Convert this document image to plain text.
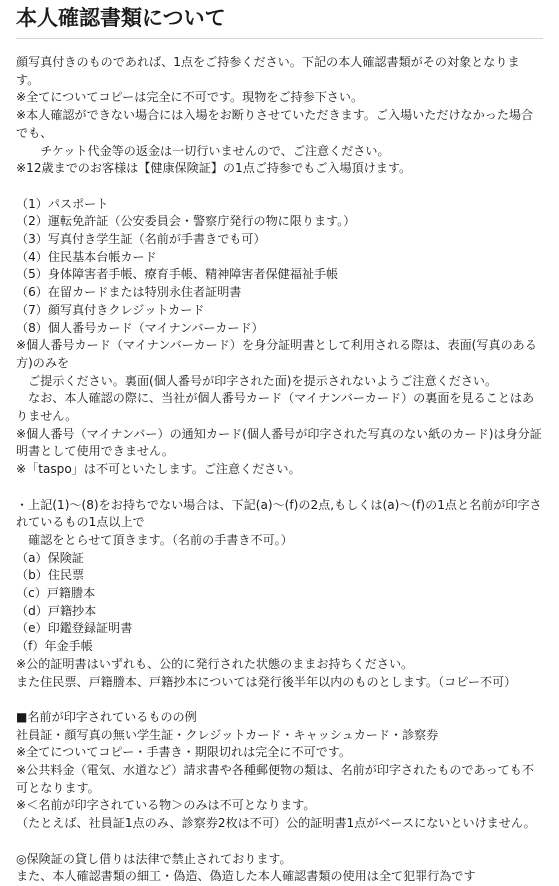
本人確認書類について
顔写真付きのものであれば、1点をご持参ください。下記の本人確認書類がその対象となりま
す。
※全てについてコピーは完全に不可です。現物をご持参下さい。
※本人確認ができない場合には入場をお断りさせていただきます。ご入場いただけなかった場合
でも、
　　チケット代金等の返金は一切行いませんので、ご注意ください。
※12歳までのお客様は【健康保険証】の1点ご持参でもご入場頂けます。
（1）パスポート
（2）運転免許証（公安委員会・警察庁発行の物に限ります。）
（3）写真付き学生証（名前が手書きでも可）
（4）住民基本台帳カード
（5）身体障害者手帳、療育手帳、精神障害者保健福祉手帳
（6）在留カードまたは特別永住者証明書
（7）顔写真付きクレジットカード
（8）個人番号カード（マイナンバーカード）
※個人番号カード（マイナンバーカード）を身分証明書として利用される際は、表面(写真のある
方)のみを
　ご提示ください。裏面(個人番号が印字された面)を提示されないようご注意ください。
　なお、本人確認の際に、当社が個人番号カード（マイナンバーカード）の裏面を見ることはあ
りません。
※個人番号（マイナンバー）の通知カード(個人番号が印字された写真のない紙のカード)は身分証
明書として使用できません。
※「taspo」は不可といたします。ご注意ください。
・上記(1)〜(8)をお持ちでない場合は、下記(a)〜(f)の2点,もしくは(a)〜(f)の1点と名前が印字さ
れているもの1点以上で
　確認をとらせて頂きます。（名前の手書き不可。）
（a）保険証
（b）住民票
（c）戸籍謄本
（d）戸籍抄本
（e）印鑑登録証明書
（f）年金手帳
※公的証明書はいずれも、公的に発行された状態のままお持ちください。
また住民票、戸籍謄本、戸籍抄本については発行後半年以内のものとします。（コピー不可）
■名前が印字されているものの例
社員証・顔写真の無い学生証・クレジットカード・キャッシュカード・診察券
※全てについてコピー・手書き・期限切れは完全に不可です。
※公共料金（電気、水道など）請求書や各種郵便物の類は、名前が印字されたものであっても不
可となります。
※＜名前が印字されている物＞のみは不可となります。
（たとえば、社員証1点のみ、診察券2枚は不可）公的証明書1点がベースにないといけません。
◎保険証の貸し借りは法律で禁止されております。
また、本人確認書類の細工・偽造、偽造した本人確認書類の使用は全て犯罪行為です
